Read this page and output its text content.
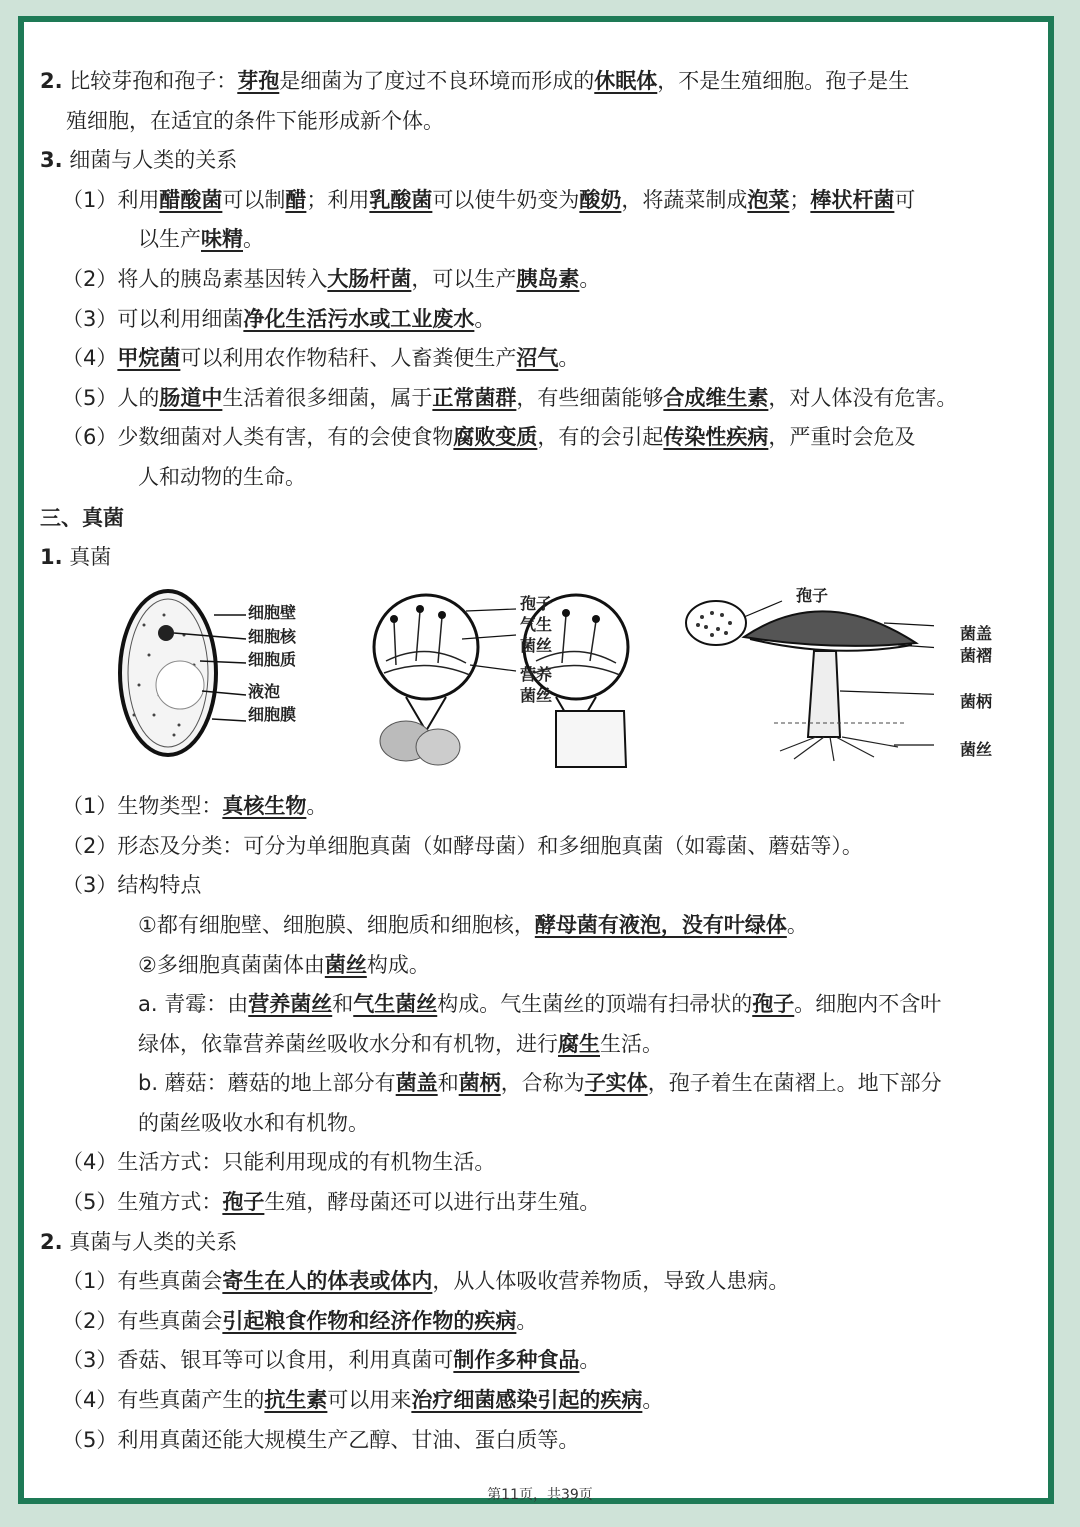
2. 比较芽孢和孢子：芽孢是细菌为了度过不良环境而形成的休眠体，不是生殖细胞。孢子是生
殖细胞，在适宜的条件下能形成新个体。
3. 细菌与人类的关系
（1）利用醋酸菌可以制醋；利用乳酸菌可以使牛奶变为酸奶，将蔬菜制成泡菜；棒状杆菌可
以生产味精。
（2）将人的胰岛素基因转入大肠杆菌，可以生产胰岛素。
（3）可以利用细菌净化生活污水或工业废水。
（4）甲烷菌可以利用农作物秸秆、人畜粪便生产沼气。
（5）人的肠道中生活着很多细菌，属于正常菌群，有些细菌能够合成维生素，对人体没有危害。
（6）少数细菌对人类有害，有的会使食物腐败变质，有的会引起传染性疾病，严重时会危及
人和动物的生命。
三、真菌
1. 真菌
细胞壁
细胞核
细胞质
液泡
细胞膜
孢子
气生
菌丝
营养
菌丝
孢子
菌盖
菌褶
菌柄
菌丝
（1）生物类型：真核生物。
（2）形态及分类：可分为单细胞真菌（如酵母菌）和多细胞真菌（如霉菌、蘑菇等）。
（3）结构特点
①都有细胞壁、细胞膜、细胞质和细胞核，酵母菌有液泡，没有叶绿体。
②多细胞真菌菌体由菌丝构成。
a. 青霉：由营养菌丝和气生菌丝构成。气生菌丝的顶端有扫帚状的孢子。细胞内不含叶
绿体，依靠营养菌丝吸收水分和有机物，进行腐生生活。
b. 蘑菇：蘑菇的地上部分有菌盖和菌柄，合称为子实体，孢子着生在菌褶上。地下部分
的菌丝吸收水和有机物。
（4）生活方式：只能利用现成的有机物生活。
（5）生殖方式：孢子生殖，酵母菌还可以进行出芽生殖。
2. 真菌与人类的关系
（1）有些真菌会寄生在人的体表或体内，从人体吸收营养物质，导致人患病。
（2）有些真菌会引起粮食作物和经济作物的疾病。
（3）香菇、银耳等可以食用，利用真菌可制作多种食品。
（4）有些真菌产生的抗生素可以用来治疗细菌感染引起的疾病。
（5）利用真菌还能大规模生产乙醇、甘油、蛋白质等。
第11页，共39页
